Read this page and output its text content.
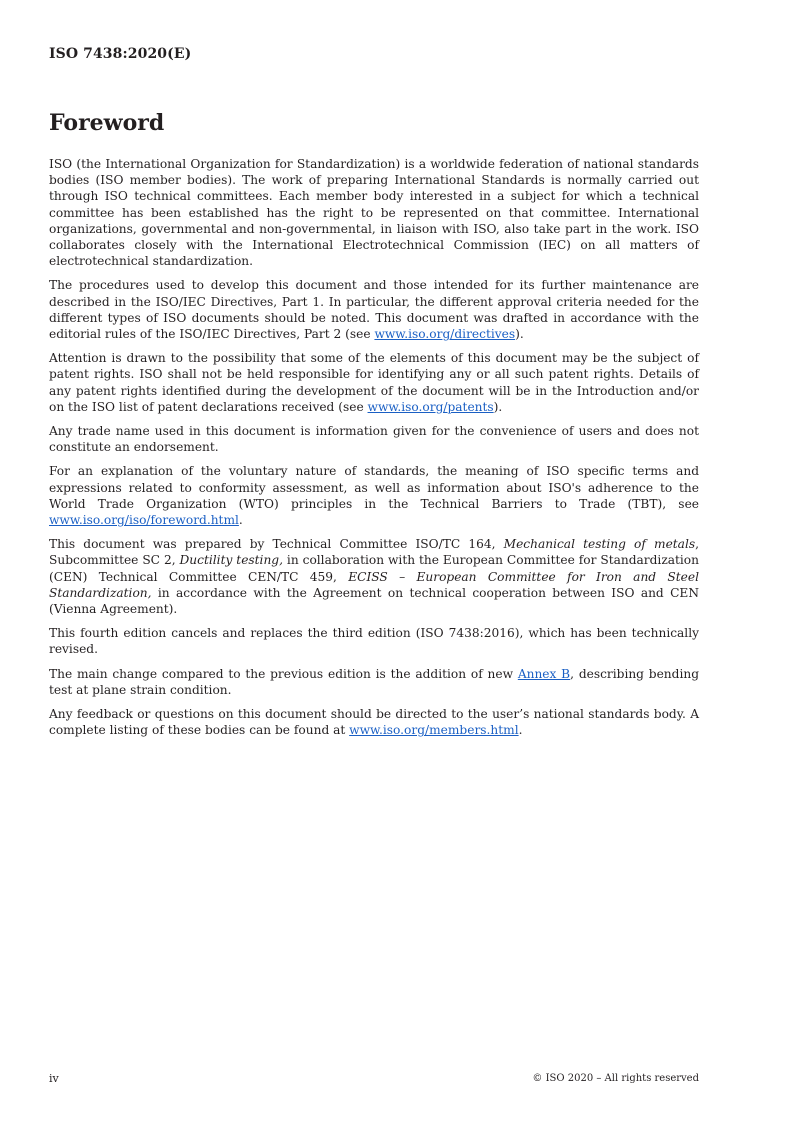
ISO 7438:2020(E)

Foreword

ISO (the International Organization for Standardization) is a worldwide federation of national standards bodies (ISO member bodies). The work of preparing International Standards is normally carried out through ISO technical committees. Each member body interested in a subject for which a technical committee has been established has the right to be represented on that committee. International organizations, governmental and non-governmental, in liaison with ISO, also take part in the work. ISO collaborates closely with the International Electrotechnical Commission (IEC) on all matters of electrotechnical standardization.

The procedures used to develop this document and those intended for its further maintenance are described in the ISO/IEC Directives, Part 1. In particular, the different approval criteria needed for the different types of ISO documents should be noted. This document was drafted in accordance with the editorial rules of the ISO/IEC Directives, Part 2 (see www.iso.org/directives).

Attention is drawn to the possibility that some of the elements of this document may be the subject of patent rights. ISO shall not be held responsible for identifying any or all such patent rights. Details of any patent rights identified during the development of the document will be in the Introduction and/or on the ISO list of patent declarations received (see www.iso.org/patents).

Any trade name used in this document is information given for the convenience of users and does not constitute an endorsement.

For an explanation of the voluntary nature of standards, the meaning of ISO specific terms and expressions related to conformity assessment, as well as information about ISO's adherence to the World Trade Organization (WTO) principles in the Technical Barriers to Trade (TBT), see www.iso.org/iso/foreword.html.

This document was prepared by Technical Committee ISO/TC 164, Mechanical testing of metals, Subcommittee SC 2, Ductility testing, in collaboration with the European Committee for Standardization (CEN) Technical Committee CEN/TC 459, ECISS – European Committee for Iron and Steel Standardization, in accordance with the Agreement on technical cooperation between ISO and CEN (Vienna Agreement).

This fourth edition cancels and replaces the third edition (ISO 7438:2016), which has been technically revised.

The main change compared to the previous edition is the addition of new Annex B, describing bending test at plane strain condition.

Any feedback or questions on this document should be directed to the user’s national standards body. A complete listing of these bodies can be found at www.iso.org/members.html.

iv	© ISO 2020 – All rights reserved
